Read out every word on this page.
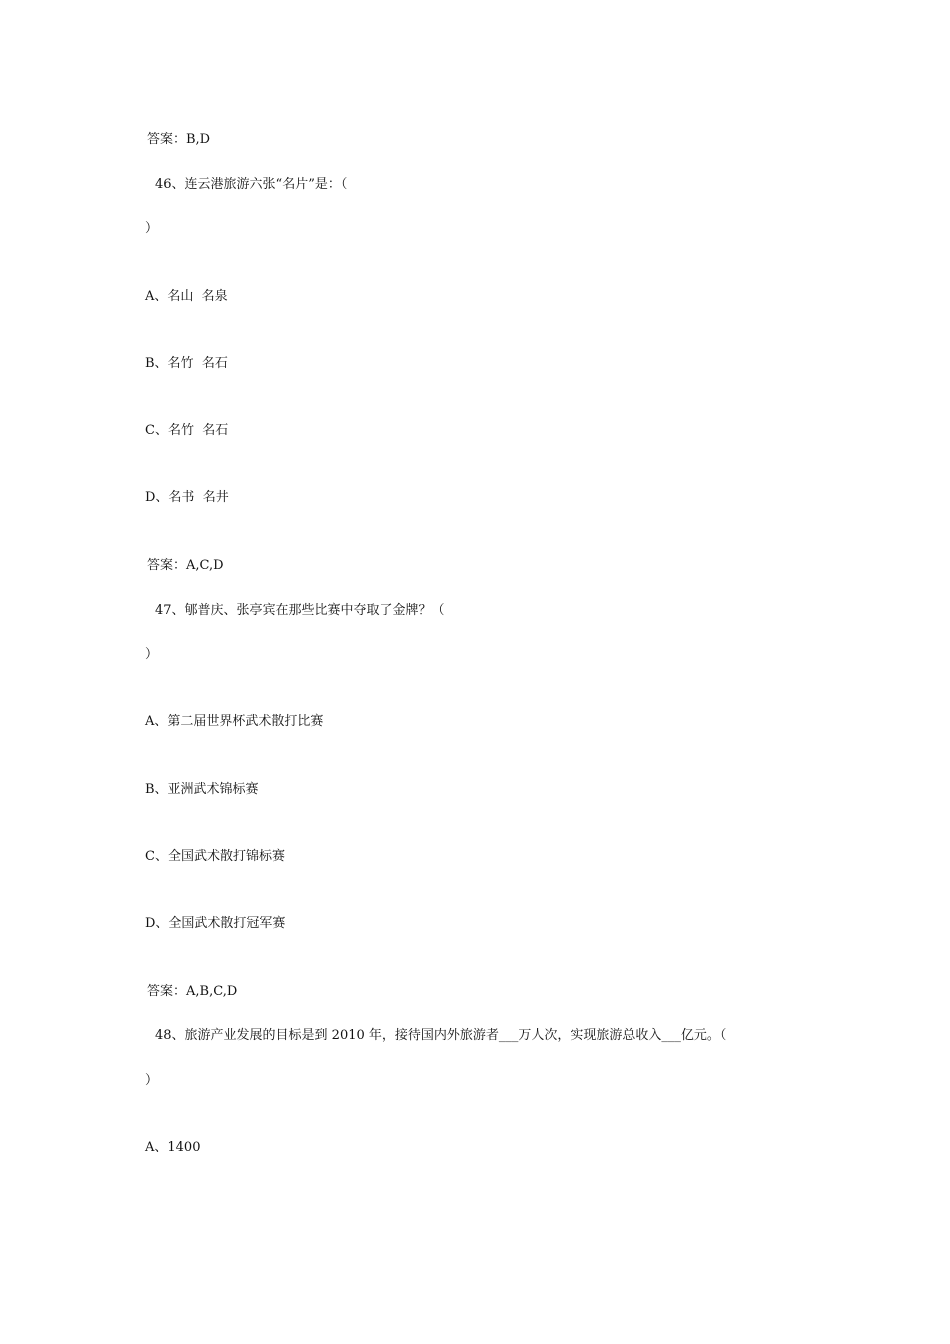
答案：B,D

46、连云港旅游六张“名片”是：（

）

A、名山  名泉

B、名竹  名石

C、名竹  名石

D、名书  名井

答案：A,C,D

47、郇普庆、张亭宾在那些比赛中夺取了金牌？（

）

A、第二届世界杯武术散打比赛

B、亚洲武术锦标赛

C、全国武术散打锦标赛

D、全国武术散打冠军赛

答案：A,B,C,D

48、旅游产业发展的目标是到 2010 年，接待国内外旅游者___万人次，实现旅游总收入___亿元。（

）

A、1400
